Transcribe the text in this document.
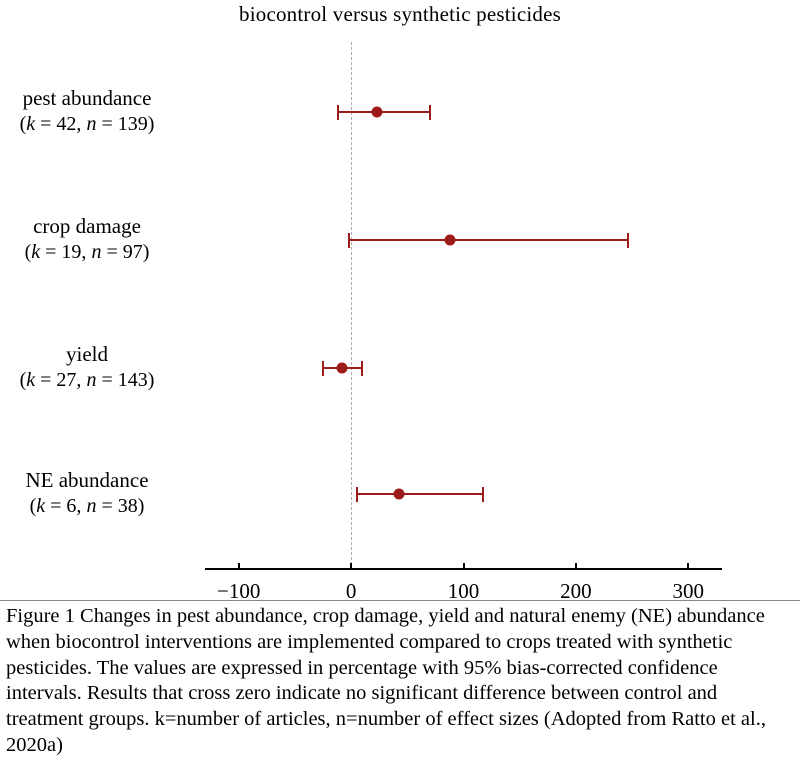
biocontrol versus synthetic pesticides
−100	0	100	200	300
Figure 1 Changes in pest abundance, crop damage, yield and natural enemy (NE) abundance when biocontrol interventions are implemented compared to crops treated with synthetic pesticides. The values are expressed in percentage with 95% bias-corrected confidence intervals. Results that cross zero indicate no significant difference between control and treatment groups. k=number of articles, n=number of effect sizes (Adopted from Ratto et al., 2020a)
pest abundance
(k = 42, n = 139)
crop damage
(k = 19, n = 97)
yield
(k = 27, n = 143)
NE abundance
(k = 6, n = 38)
